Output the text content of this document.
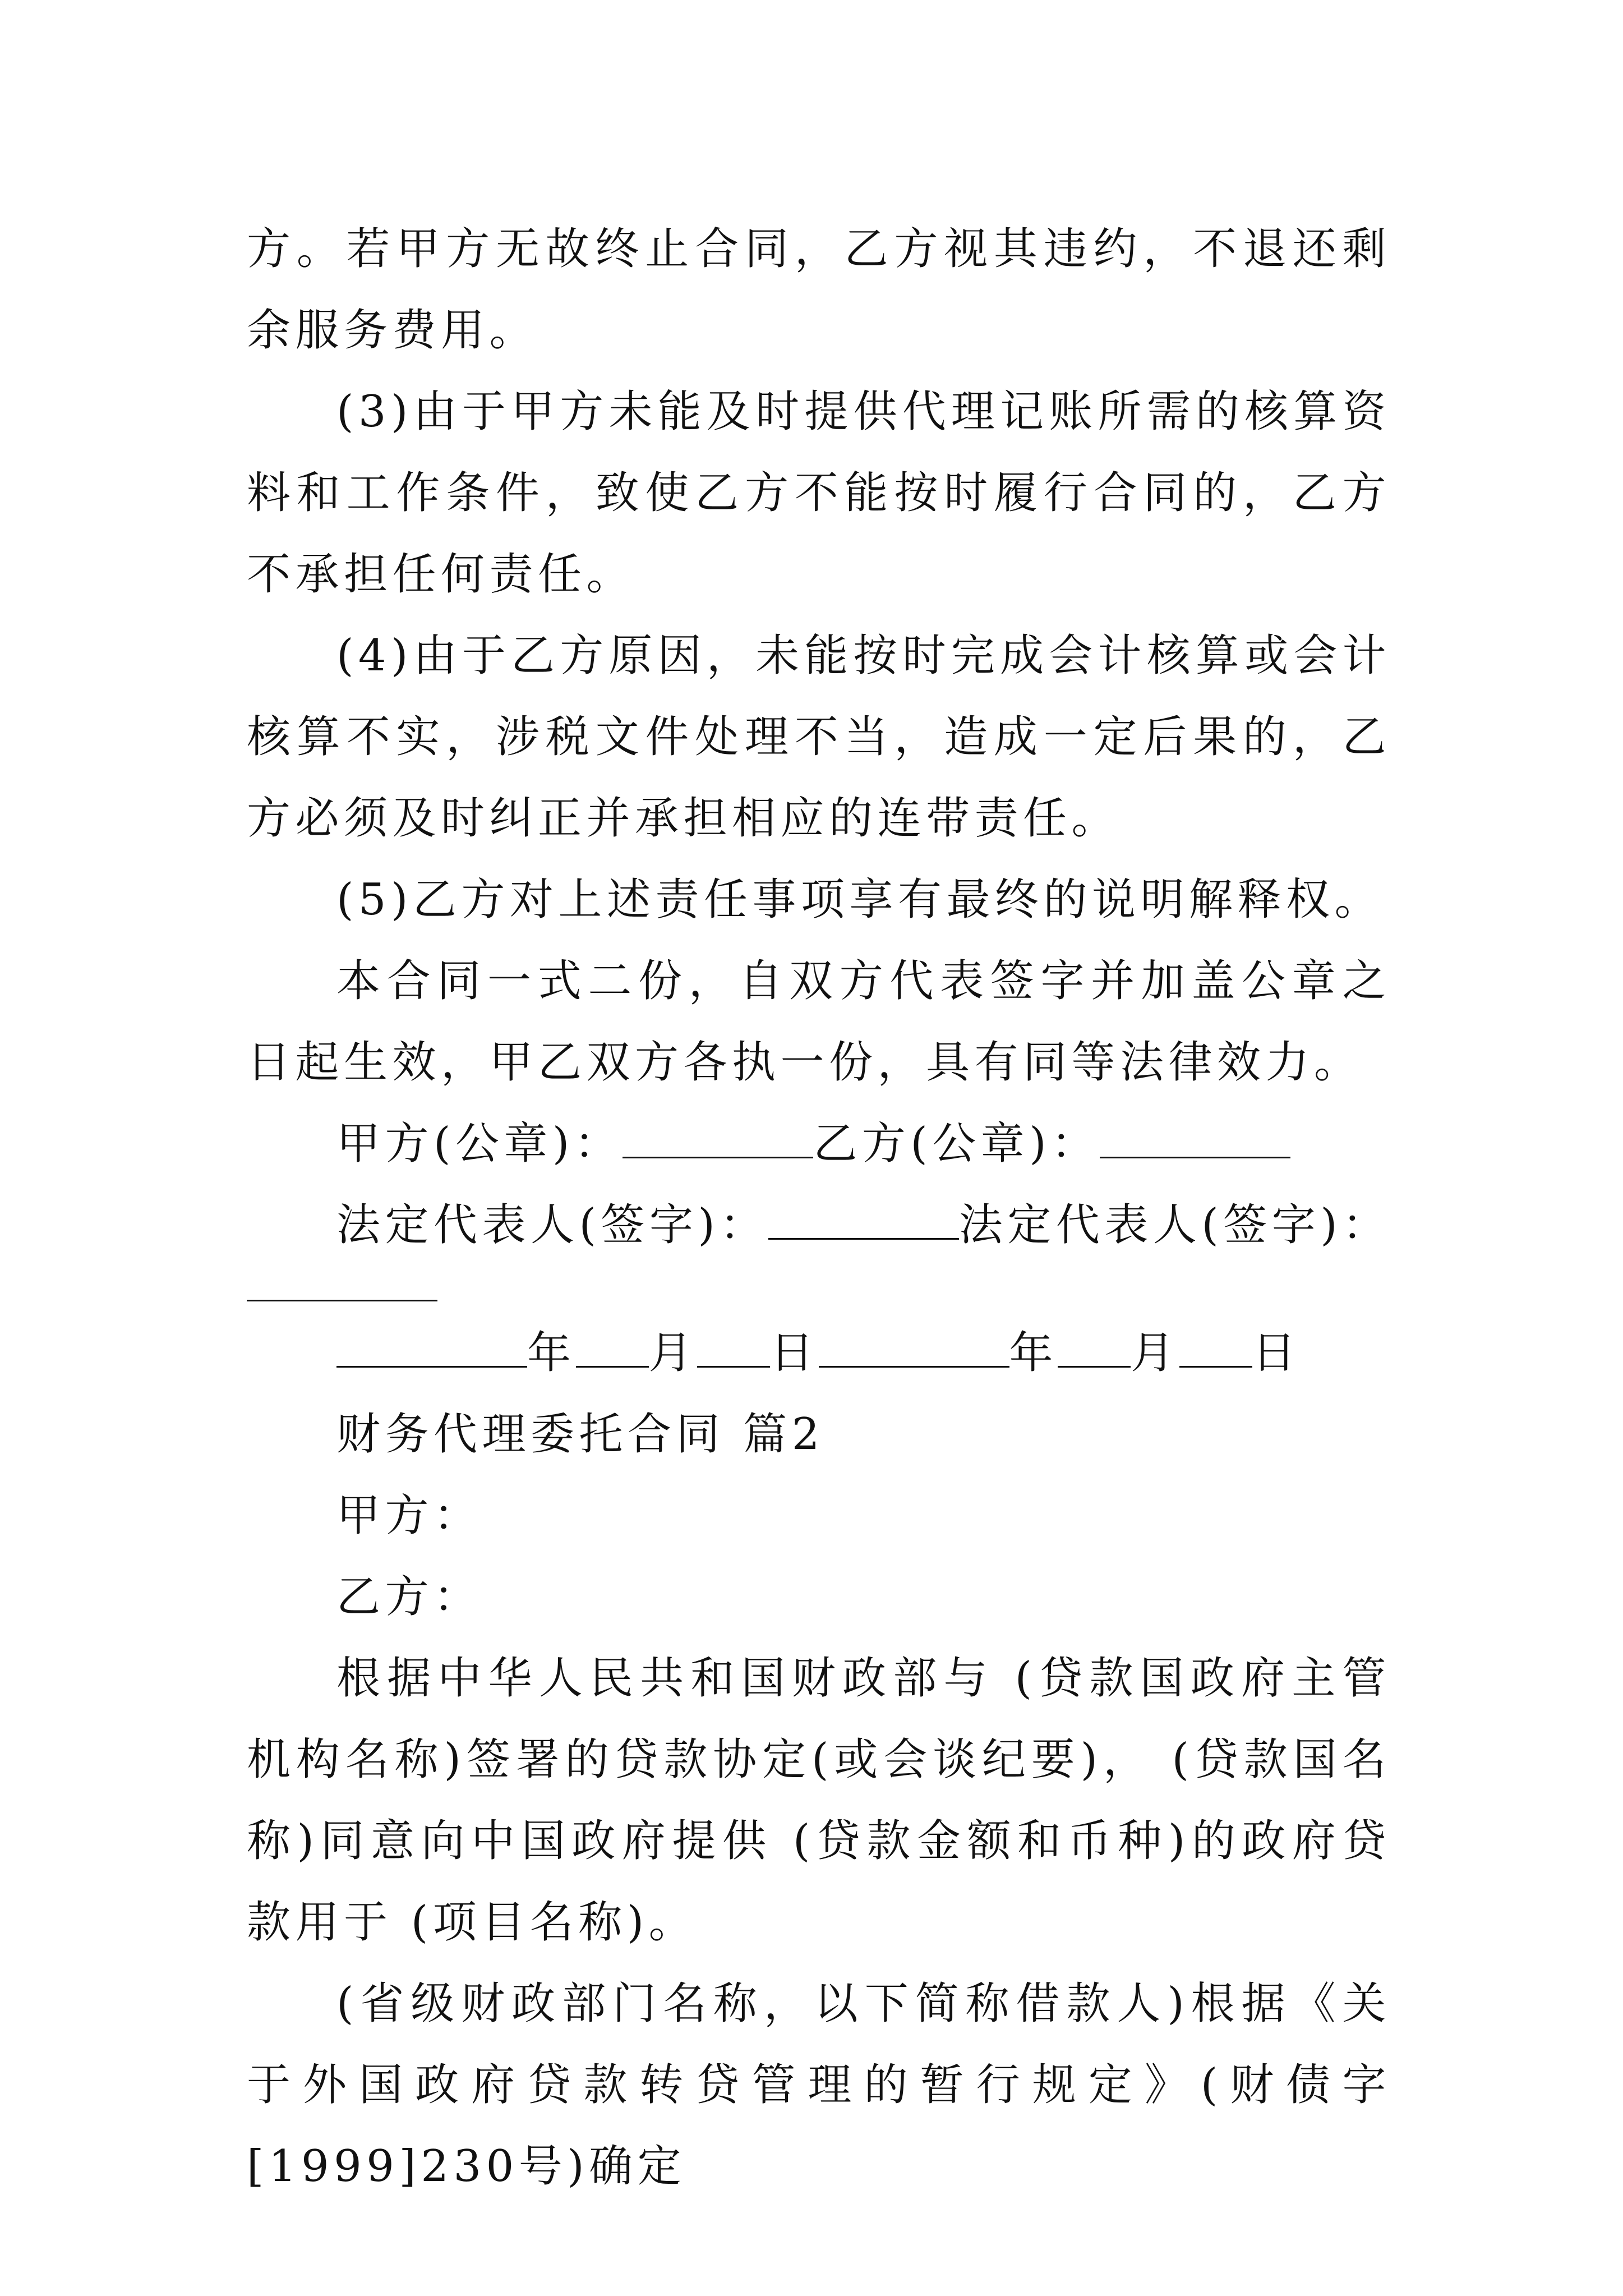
方。若甲方无故终止合同，乙方视其违约，不退还剩余服务费用。

(3)由于甲方未能及时提供代理记账所需的核算资料和工作条件，致使乙方不能按时履行合同的，乙方不承担任何责任。

(4)由于乙方原因，未能按时完成会计核算或会计核算不实，涉税文件处理不当，造成一定后果的，乙方必须及时纠正并承担相应的连带责任。

(5)乙方对上述责任事项享有最终的说明解释权。

本合同一式二份，自双方代表签字并加盖公章之日起生效，甲乙双方各执一份，具有同等法律效力。

甲方(公章)：	乙方(公章)：

法定代表人(签字)：	法定代表人(签字)：

年 月 日	年 月 日

财务代理委托合同 篇2

甲方：

乙方：

根据中华人民共和国财政部与 (贷款国政府主管机构名称)签署的贷款协定(或会谈纪要)， (贷款国名称)同意向中国政府提供 (贷款金额和币种)的政府贷款用于 (项目名称)。

(省级财政部门名称，以下简称借款人)根据《关于外国政府贷款转贷管理的暂行规定》(财债字[1999]230号)确定
